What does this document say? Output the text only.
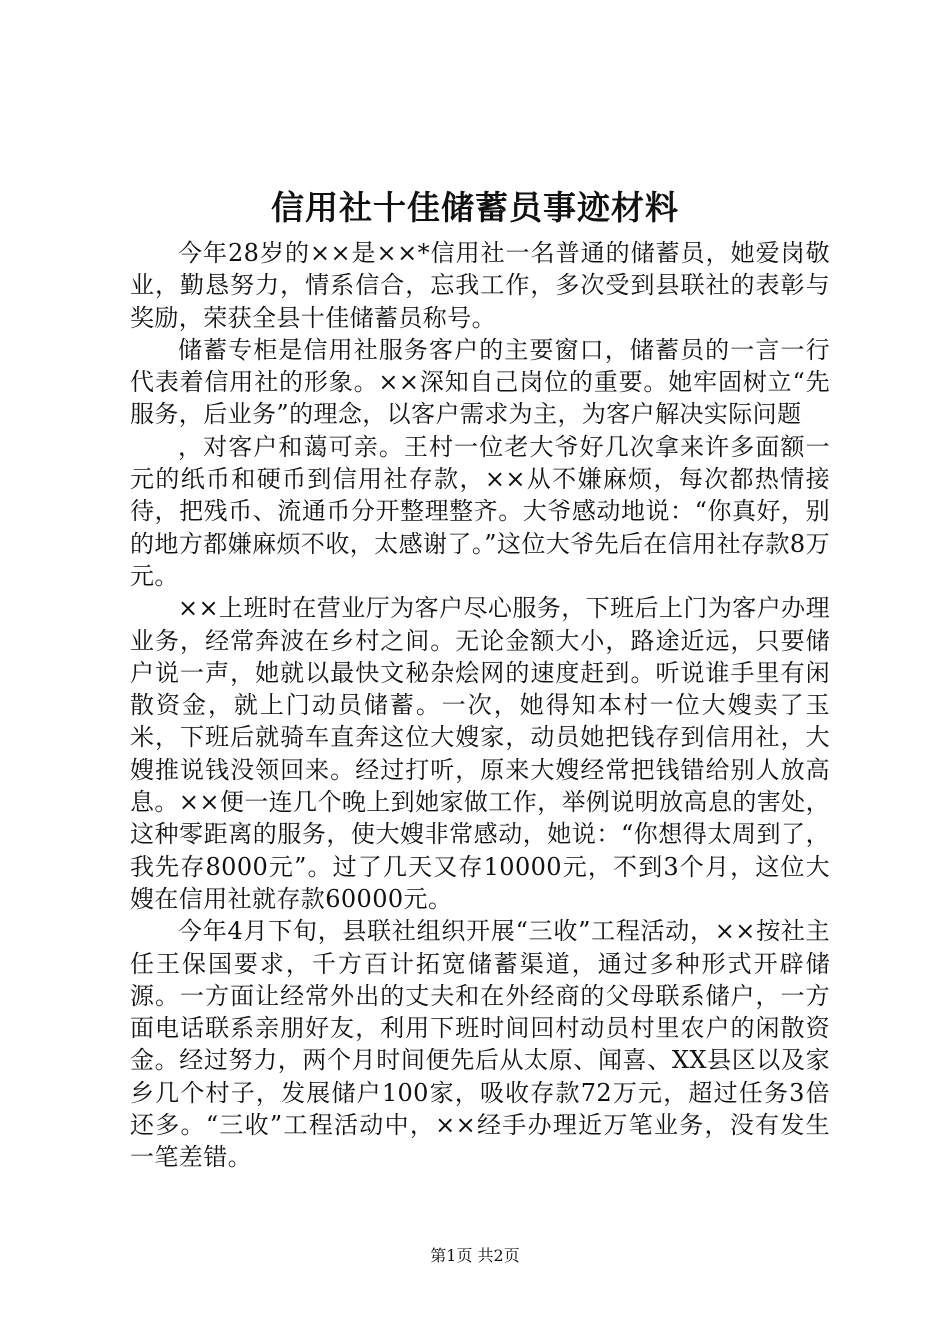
信用社十佳储蓄员事迹材料

今年28岁的××是××*信用社一名普通的储蓄员，她爱岗敬业，勤恳努力，情系信合，忘我工作，多次受到县联社的表彰与奖励，荣获全县十佳储蓄员称号。

储蓄专柜是信用社服务客户的主要窗口，储蓄员的一言一行代表着信用社的形象。××深知自己岗位的重要。她牢固树立“先服务，后业务”的理念，以客户需求为主，为客户解决实际问题

，对客户和蔼可亲。王村一位老大爷好几次拿来许多面额一元的纸币和硬币到信用社存款，××从不嫌麻烦，每次都热情接待，把残币、流通币分开整理整齐。大爷感动地说：“你真好，别的地方都嫌麻烦不收，太感谢了。”这位大爷先后在信用社存款8万元。

××上班时在营业厅为客户尽心服务，下班后上门为客户办理业务，经常奔波在乡村之间。无论金额大小，路途近远，只要储户说一声，她就以最快文秘杂烩网的速度赶到。听说谁手里有闲散资金，就上门动员储蓄。一次，她得知本村一位大嫂卖了玉米，下班后就骑车直奔这位大嫂家，动员她把钱存到信用社，大嫂推说钱没领回来。经过打听，原来大嫂经常把钱错给别人放高息。××便一连几个晚上到她家做工作，举例说明放高息的害处，这种零距离的服务，使大嫂非常感动，她说：“你想得太周到了，我先存8000元”。过了几天又存10000元，不到3个月，这位大嫂在信用社就存款60000元。

今年4月下旬，县联社组织开展“三收”工程活动，××按社主任王保国要求，千方百计拓宽储蓄渠道，通过多种形式开辟储源。一方面让经常外出的丈夫和在外经商的父母联系储户，一方面电话联系亲朋好友，利用下班时间回村动员村里农户的闲散资金。经过努力，两个月时间便先后从太原、闻喜、XX县区以及家乡几个村子，发展储户100家，吸收存款72万元，超过任务3倍还多。“三收”工程活动中，××经手办理近万笔业务，没有发生一笔差错。

第1页 共2页
